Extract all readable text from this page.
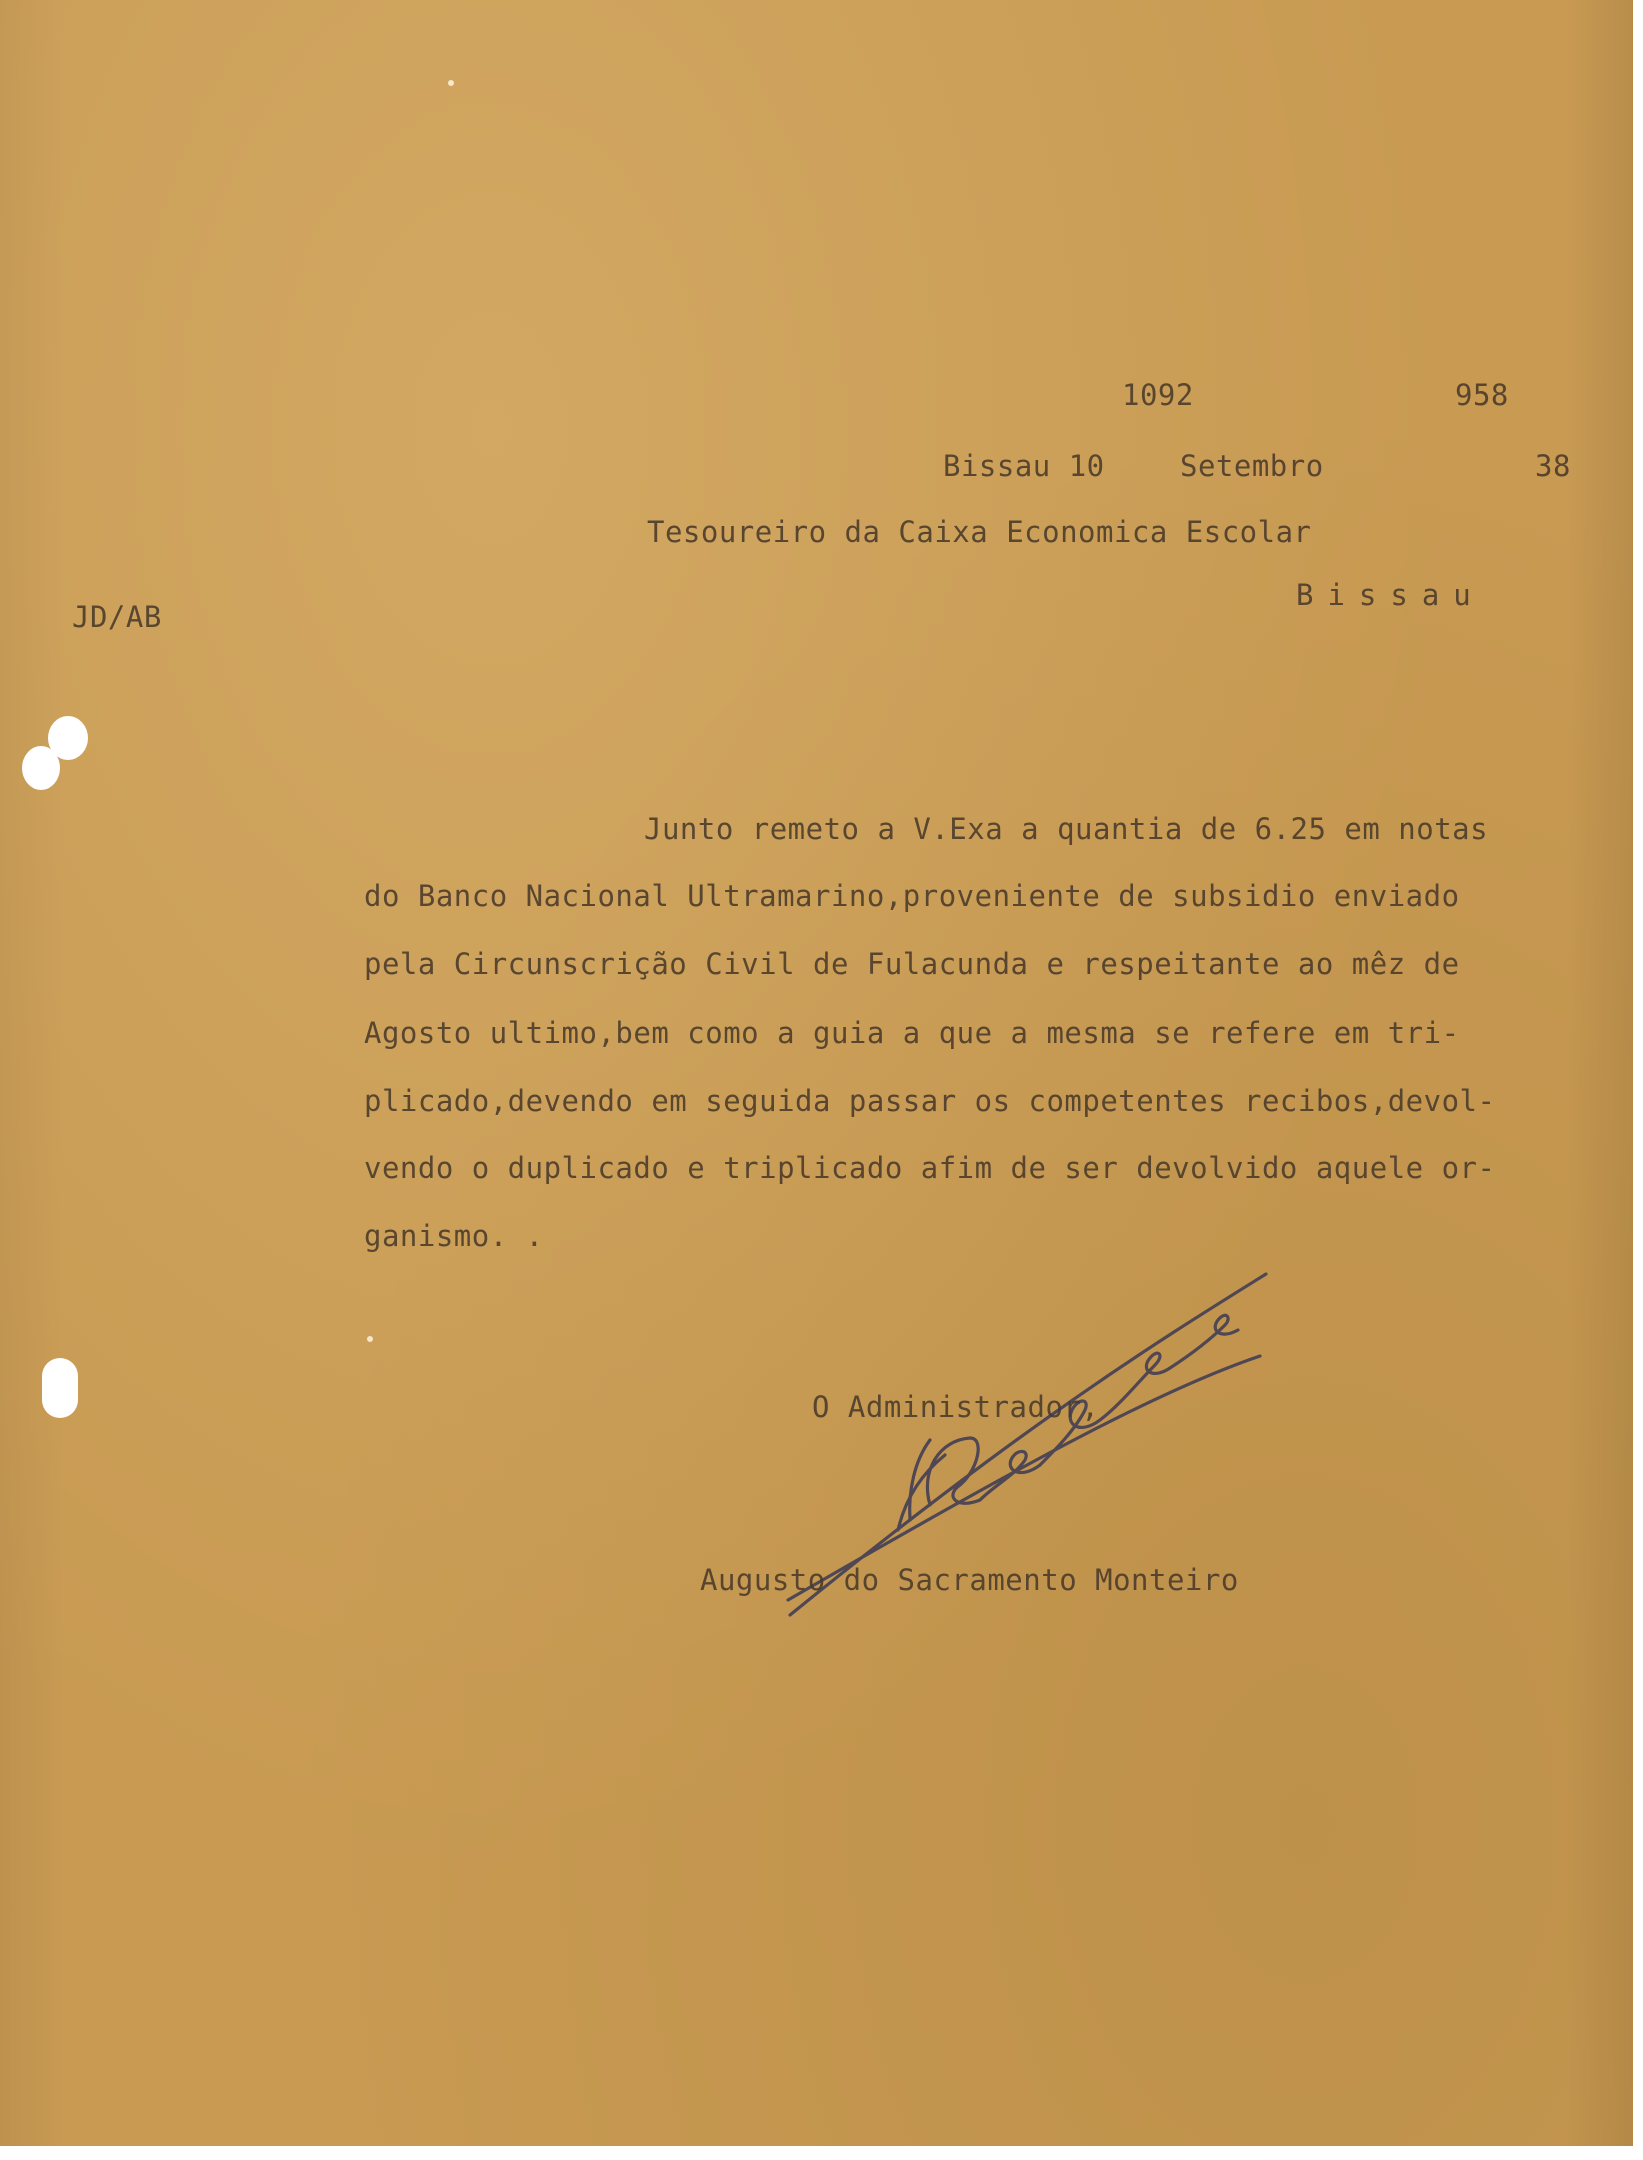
1092	958
Bissau 10	Setembro	38
Tesoureiro da Caixa Economica Escolar
Bissau
JD/AB
Junto remeto a V.Exa a quantia de 6.25 em notas
do Banco Nacional Ultramarino,proveniente de subsidio enviado
pela Circunscrição Civil de Fulacunda e respeitante ao mêz de
Agosto ultimo,bem como a guia a que a mesma se refere em tri-
plicado,devendo em seguida passar os competentes recibos,devol-
vendo o duplicado e triplicado afim de ser devolvido aquele or-
ganismo. .
O Administrador,
Augusto do Sacramento Monteiro
